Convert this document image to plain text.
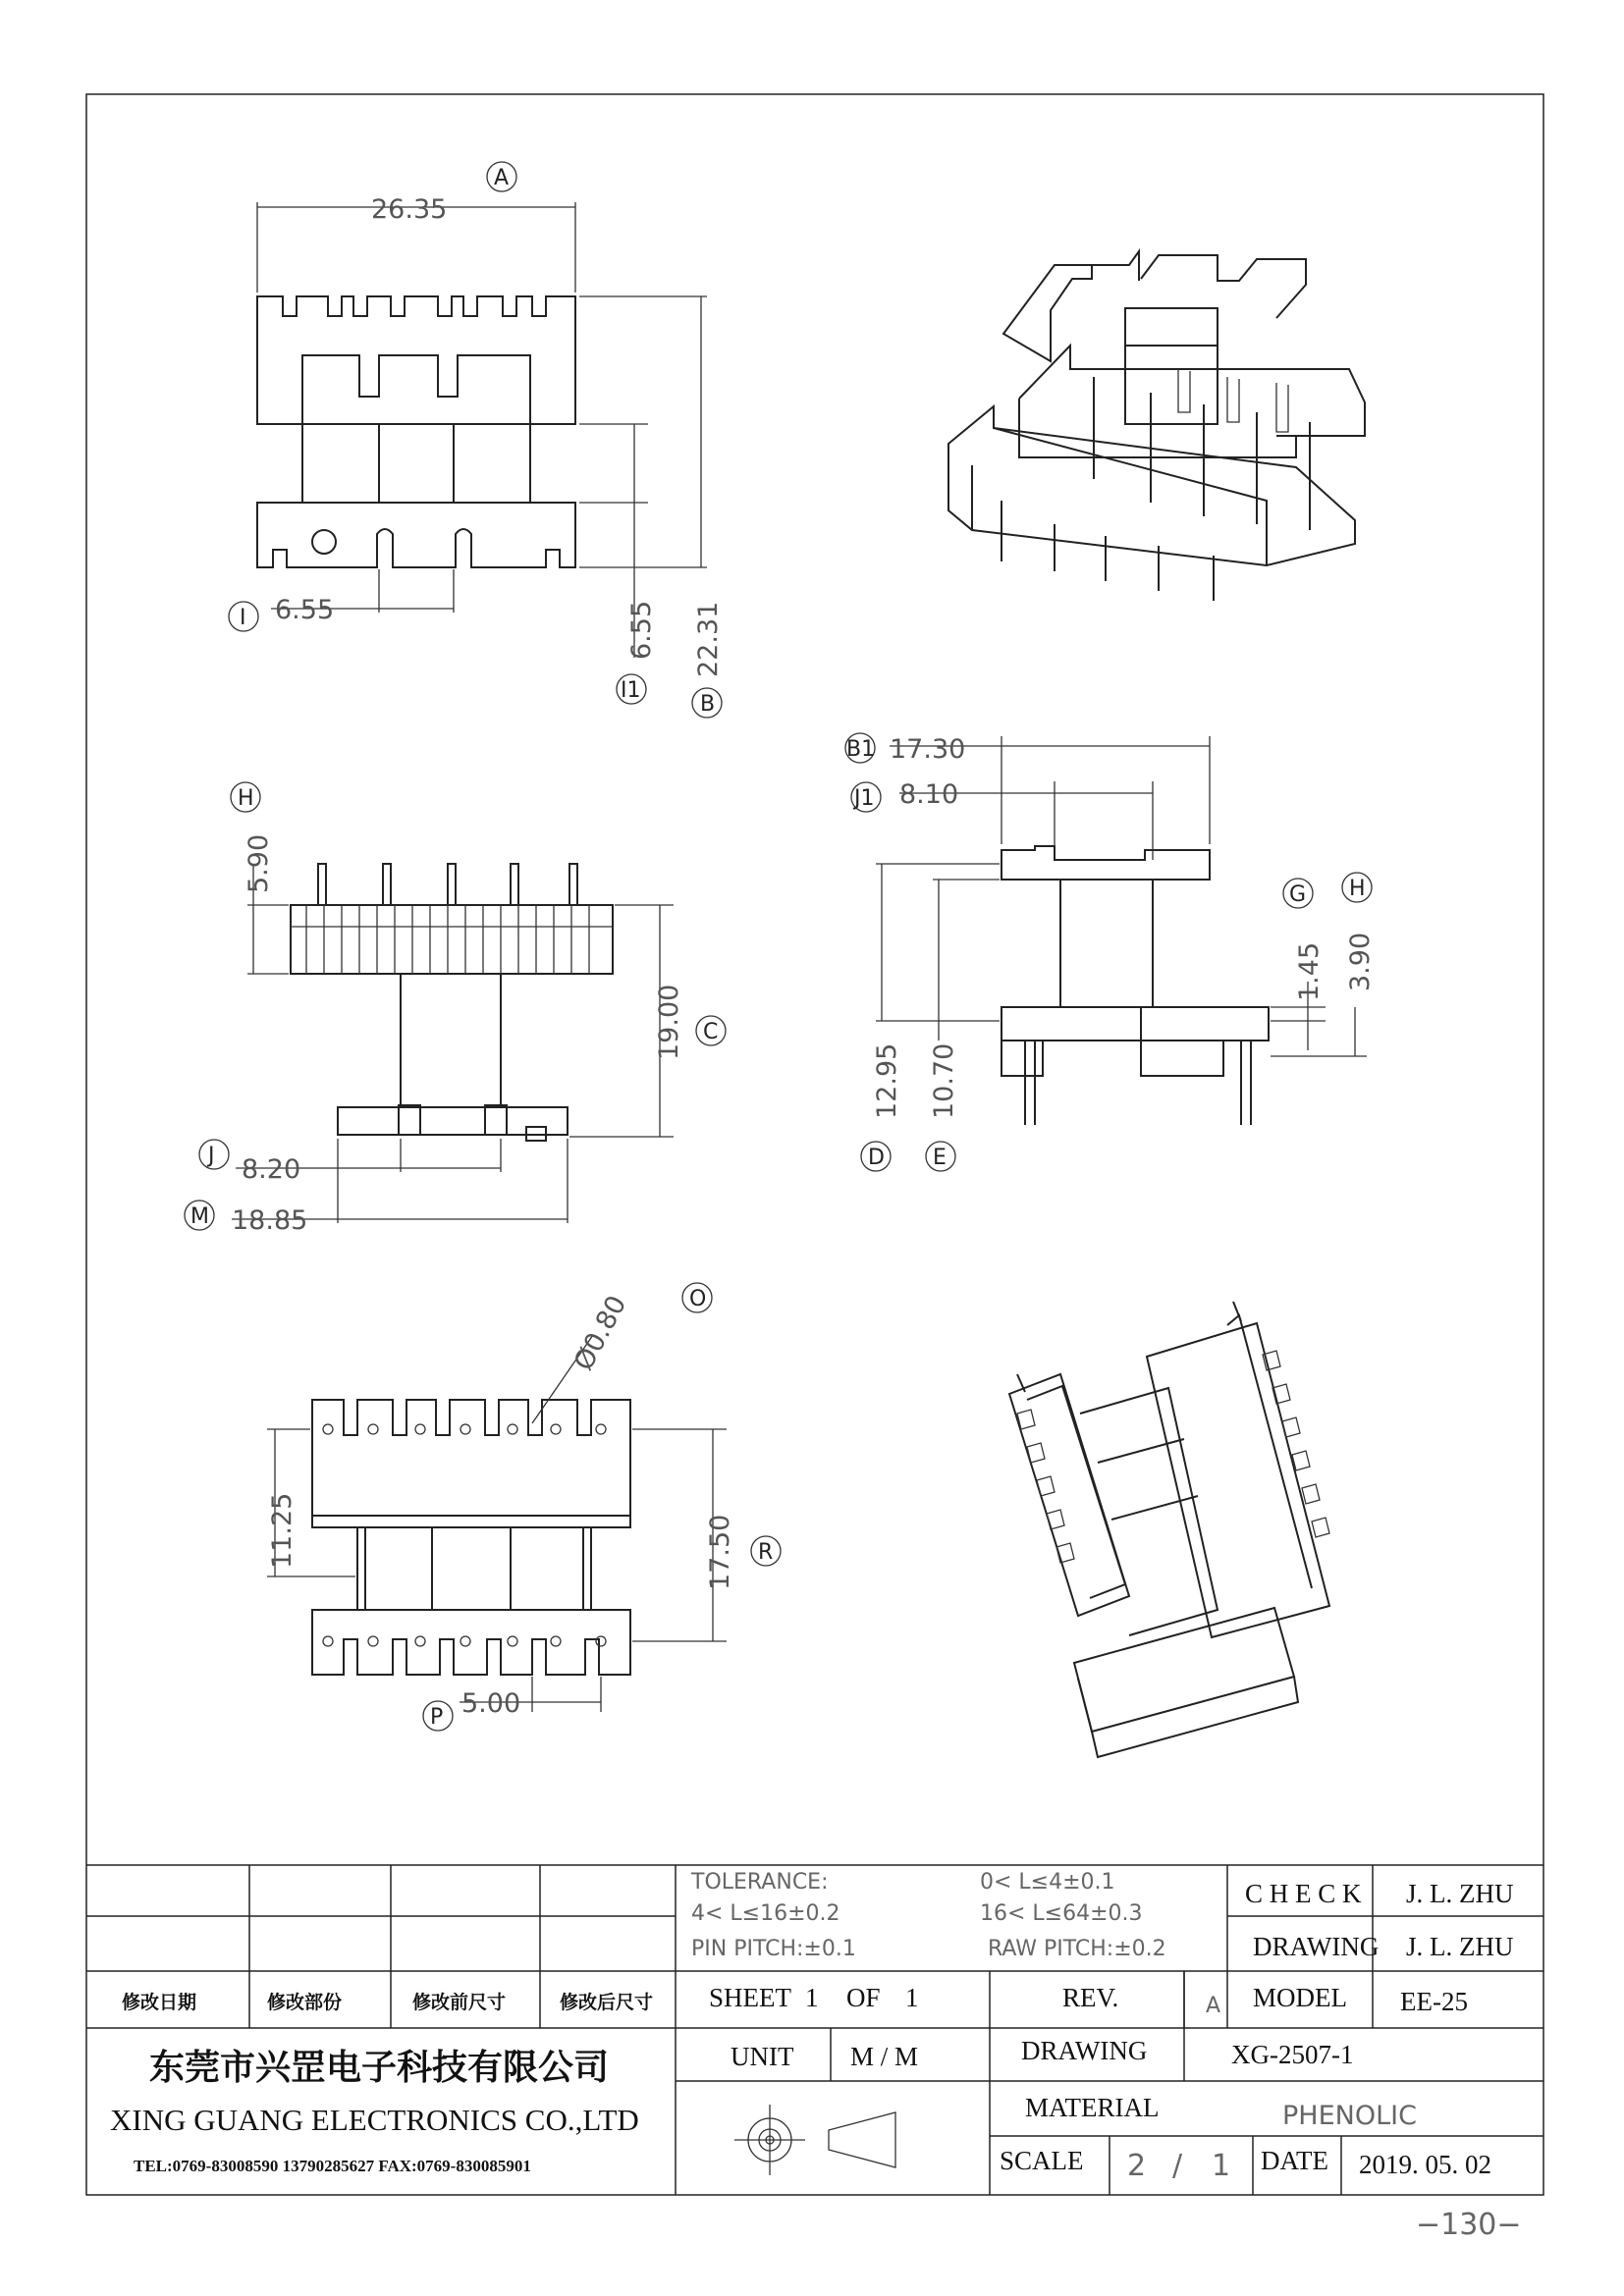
26.35
A
22.31
B
6.55
I1
6.55
I
5.90
H
19.00 C
8.20
J
18.85
M
17.30
B1
8.10
J1
12.95
D
10.70
E
1.45
G
3.90
H
Ø0.80	O
11.25	17.50 R
5.00
P
TOLERANCE:	0< L≤4±0.1
4< L≤16±0.2	16< L≤64±0.3
PIN PITCH:±0.1	RAW PITCH:±0.2
C H E C K J. L. ZHU
DRAWING J. L. ZHU
修改日期	修改部份	修改前尺寸	修改后尺寸 SHEET 1 OF 1	REV.	A MODEL EE-25
东莞市兴罡电子科技有限公司
XING GUANG ELECTRONICS CO.,LTD
TEL:0769-83008590 13790285627 FAX:0769-830085901
UNIT M / M	DRAWING	XG-2507-1
MATERIAL	PHENOLIC
SCALE 2 / 1 DATE 2019. 05. 02
−130−
